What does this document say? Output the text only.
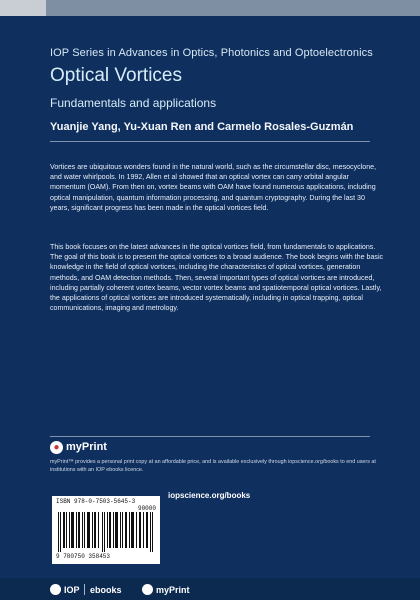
IOP Series in Advances in Optics, Photonics and Optoelectronics
Optical Vortices
Fundamentals and applications
Yuanjie Yang, Yu-Xuan Ren and Carmelo Rosales-Guzmán
Vortices are ubiquitous wonders found in the natural world, such as the circumstellar disc, mesocyclone, and water whirlpools. In 1992, Allen et al showed that an optical vortex can carry orbital angular momentum (OAM). From then on, vortex beams with OAM have found numerous applications, including optical manipulation, quantum information processing, and quantum cryptography. During the last 30 years, significant progress has been made in the optical vortices field.
This book focuses on the latest advances in the optical vortices field, from fundamentals to applications. The goal of this book is to present the optical vortices to a broad audience. The book begins with the basic knowledge in the field of optical vortices, including the characteristics of optical vortices, generation methods, and OAM detection methods. Then, several important types of optical vortices are introduced, including partially coherent vortex beams, vector vortex beams and spatiotemporal optical vortices. Lastly, the applications of optical vortices are introduced systematically, including in optical trapping, optical communications, imaging and metrology.
● myPrint
myPrint™ provides a personal print copy at an affordable price, and is available exclusively through iopscience.org/books to end users at institutions with an IOP ebooks licence.
ISBN 978-0-7503-5645-3
90000
9 780750 358453
iopscience.org/books
IOP ebooks	myPrint
